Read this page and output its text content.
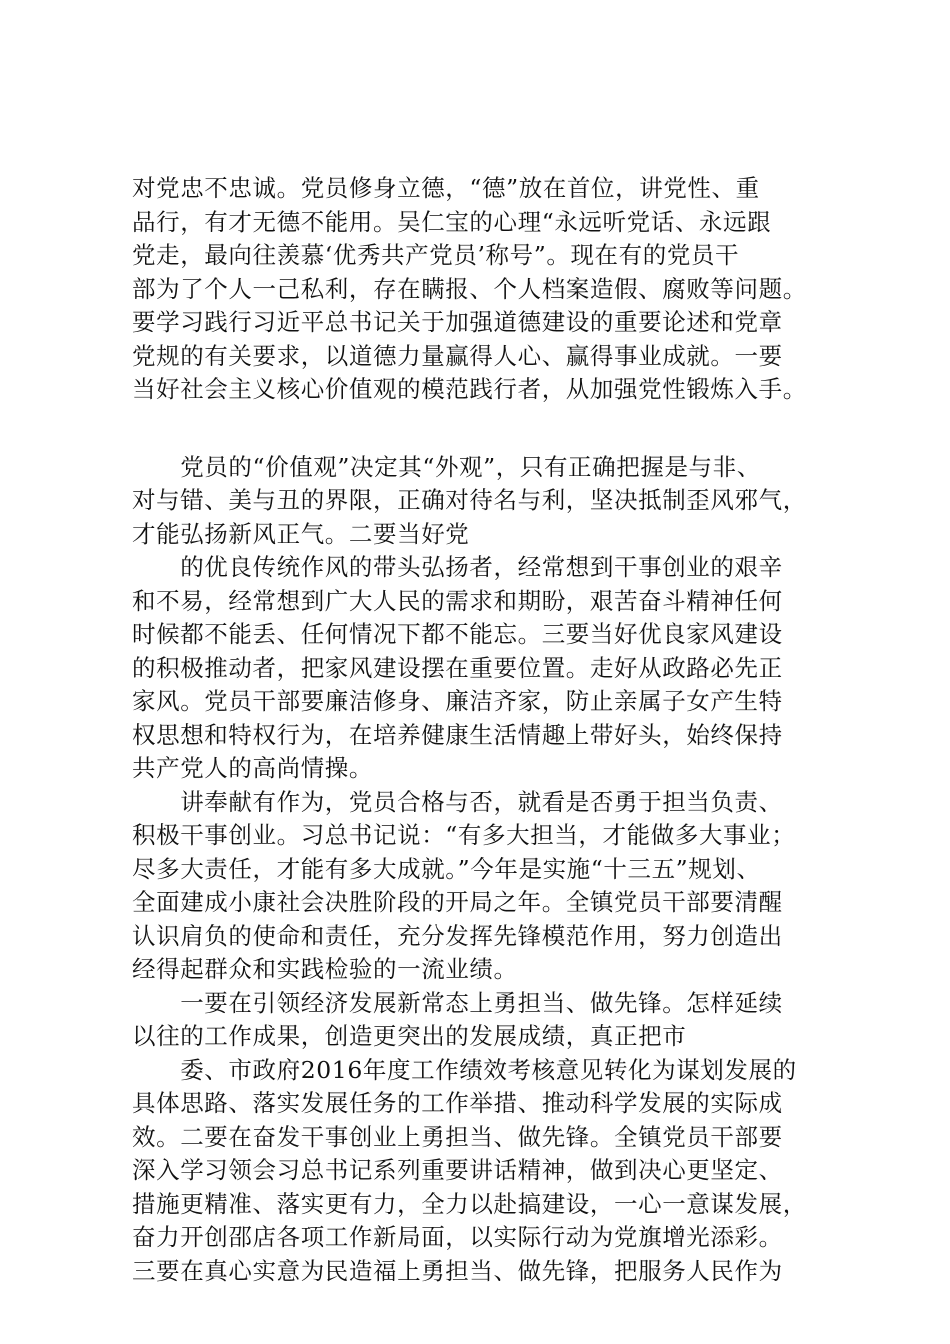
对党忠不忠诚。党员修身立德，“德”放在首位，讲党性、重
品行，有才无德不能用。吴仁宝的心理“永远听党话、永远跟
党走，最向往羡慕‘优秀共产党员’称号”。现在有的党员干
部为了个人一己私利，存在瞒报、个人档案造假、腐败等问题。
要学习践行习近平总书记关于加强道德建设的重要论述和党章
党规的有关要求，以道德力量赢得人心、赢得事业成就。一要
当好社会主义核心价值观的模范践行者，从加强党性锻炼入手。

　　党员的“价值观”决定其“外观”，只有正确把握是与非、
对与错、美与丑的界限，正确对待名与利，坚决抵制歪风邪气，
才能弘扬新风正气。二要当好党

　　的优良传统作风的带头弘扬者，经常想到干事创业的艰辛
和不易，经常想到广大人民的需求和期盼，艰苦奋斗精神任何
时候都不能丢、任何情况下都不能忘。三要当好优良家风建设
的积极推动者，把家风建设摆在重要位置。走好从政路必先正
家风。党员干部要廉洁修身、廉洁齐家，防止亲属子女产生特
权思想和特权行为，在培养健康生活情趣上带好头，始终保持
共产党人的高尚情操。

　　讲奉献有作为，党员合格与否，就看是否勇于担当负责、
积极干事创业。习总书记说：“有多大担当，才能做多大事业；
尽多大责任，才能有多大成就。”今年是实施“十三五”规划、
全面建成小康社会决胜阶段的开局之年。全镇党员干部要清醒
认识肩负的使命和责任，充分发挥先锋模范作用，努力创造出
经得起群众和实践检验的一流业绩。

　　一要在引领经济发展新常态上勇担当、做先锋。怎样延续
以往的工作成果，创造更突出的发展成绩，真正把市

　　委、市政府2016年度工作绩效考核意见转化为谋划发展的
具体思路、落实发展任务的工作举措、推动科学发展的实际成
效。二要在奋发干事创业上勇担当、做先锋。全镇党员干部要
深入学习领会习总书记系列重要讲话精神，做到决心更坚定、
措施更精准、落实更有力，全力以赴搞建设，一心一意谋发展，
奋力开创邵店各项工作新局面，以实际行动为党旗增光添彩。
三要在真心实意为民造福上勇担当、做先锋，把服务人民作为
